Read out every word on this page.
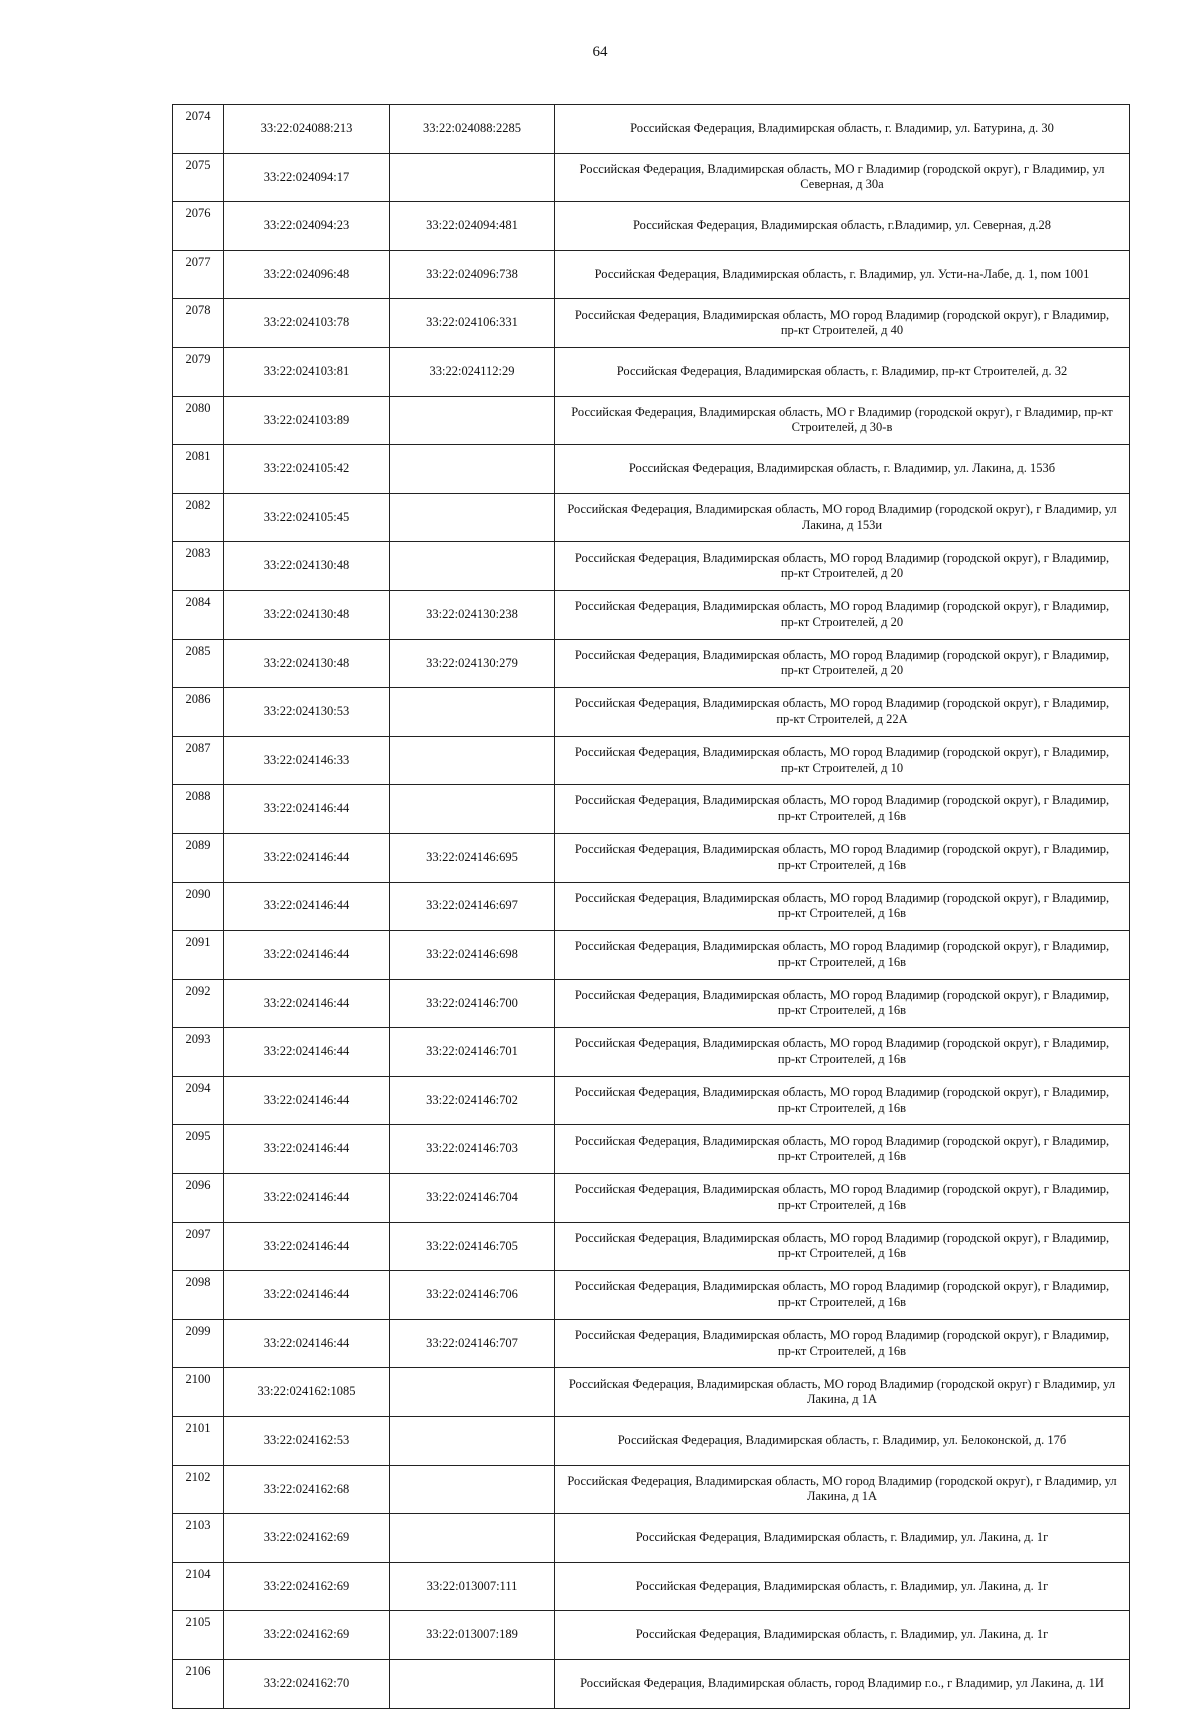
64
2074	33:22:024088:213	33:22:024088:2285	Российская Федерация, Владимирская область, г. Владимир, ул. Батурина, д. 30
2075	33:22:024094:17		Российская Федерация, Владимирская область, МО г Владимир (городской округ), г Владимир, ул Северная, д 30а
2076	33:22:024094:23	33:22:024094:481	Российская Федерация, Владимирская область, г.Владимир, ул. Северная, д.28
2077	33:22:024096:48	33:22:024096:738	Российская Федерация, Владимирская область, г. Владимир, ул. Усти-на-Лабе, д. 1, пом 1001
2078	33:22:024103:78	33:22:024106:331	Российская Федерация, Владимирская область, МО город Владимир (городской округ), г Владимир, пр-кт Строителей, д 40
2079	33:22:024103:81	33:22:024112:29	Российская Федерация, Владимирская область, г. Владимир, пр-кт Строителей, д. 32
2080	33:22:024103:89		Российская Федерация, Владимирская область, МО г Владимир (городской округ), г Владимир, пр-кт Строителей, д 30-в
2081	33:22:024105:42		Российская Федерация, Владимирская область, г. Владимир, ул. Лакина, д. 153б
2082	33:22:024105:45		Российская Федерация, Владимирская область, МО город Владимир (городской округ), г Владимир, ул Лакина, д 153и
2083	33:22:024130:48		Российская Федерация, Владимирская область, МО город Владимир (городской округ), г Владимир, пр-кт Строителей, д 20
2084	33:22:024130:48	33:22:024130:238	Российская Федерация, Владимирская область, МО город Владимир (городской округ), г Владимир, пр-кт Строителей, д 20
2085	33:22:024130:48	33:22:024130:279	Российская Федерация, Владимирская область, МО город Владимир (городской округ), г Владимир, пр-кт Строителей, д 20
2086	33:22:024130:53		Российская Федерация, Владимирская область, МО город Владимир (городской округ), г Владимир, пр-кт Строителей, д 22А
2087	33:22:024146:33		Российская Федерация, Владимирская область, МО город Владимир (городской округ), г Владимир, пр-кт Строителей, д 10
2088	33:22:024146:44		Российская Федерация, Владимирская область, МО город Владимир (городской округ), г Владимир, пр-кт Строителей, д 16в
2089	33:22:024146:44	33:22:024146:695	Российская Федерация, Владимирская область, МО город Владимир (городской округ), г Владимир, пр-кт Строителей, д 16в
2090	33:22:024146:44	33:22:024146:697	Российская Федерация, Владимирская область, МО город Владимир (городской округ), г Владимир, пр-кт Строителей, д 16в
2091	33:22:024146:44	33:22:024146:698	Российская Федерация, Владимирская область, МО город Владимир (городской округ), г Владимир, пр-кт Строителей, д 16в
2092	33:22:024146:44	33:22:024146:700	Российская Федерация, Владимирская область, МО город Владимир (городской округ), г Владимир, пр-кт Строителей, д 16в
2093	33:22:024146:44	33:22:024146:701	Российская Федерация, Владимирская область, МО город Владимир (городской округ), г Владимир, пр-кт Строителей, д 16в
2094	33:22:024146:44	33:22:024146:702	Российская Федерация, Владимирская область, МО город Владимир (городской округ), г Владимир, пр-кт Строителей, д 16в
2095	33:22:024146:44	33:22:024146:703	Российская Федерация, Владимирская область, МО город Владимир (городской округ), г Владимир, пр-кт Строителей, д 16в
2096	33:22:024146:44	33:22:024146:704	Российская Федерация, Владимирская область, МО город Владимир (городской округ), г Владимир, пр-кт Строителей, д 16в
2097	33:22:024146:44	33:22:024146:705	Российская Федерация, Владимирская область, МО город Владимир (городской округ), г Владимир, пр-кт Строителей, д 16в
2098	33:22:024146:44	33:22:024146:706	Российская Федерация, Владимирская область, МО город Владимир (городской округ), г Владимир, пр-кт Строителей, д 16в
2099	33:22:024146:44	33:22:024146:707	Российская Федерация, Владимирская область, МО город Владимир (городской округ), г Владимир, пр-кт Строителей, д 16в
2100	33:22:024162:1085		Российская Федерация, Владимирская область, МО город Владимир (городской округ) г Владимир, ул Лакина, д 1А
2101	33:22:024162:53		Российская Федерация, Владимирская область, г. Владимир, ул. Белоконской, д. 17б
2102	33:22:024162:68		Российская Федерация, Владимирская область, МО город Владимир (городской округ), г Владимир, ул Лакина, д 1А
2103	33:22:024162:69		Российская Федерация, Владимирская область, г. Владимир, ул. Лакина, д. 1г
2104	33:22:024162:69	33:22:013007:111	Российская Федерация, Владимирская область, г. Владимир, ул. Лакина, д. 1г
2105	33:22:024162:69	33:22:013007:189	Российская Федерация, Владимирская область, г. Владимир, ул. Лакина, д. 1г
2106	33:22:024162:70		Российская Федерация, Владимирская область, город Владимир г.о., г Владимир, ул Лакина, д. 1И
